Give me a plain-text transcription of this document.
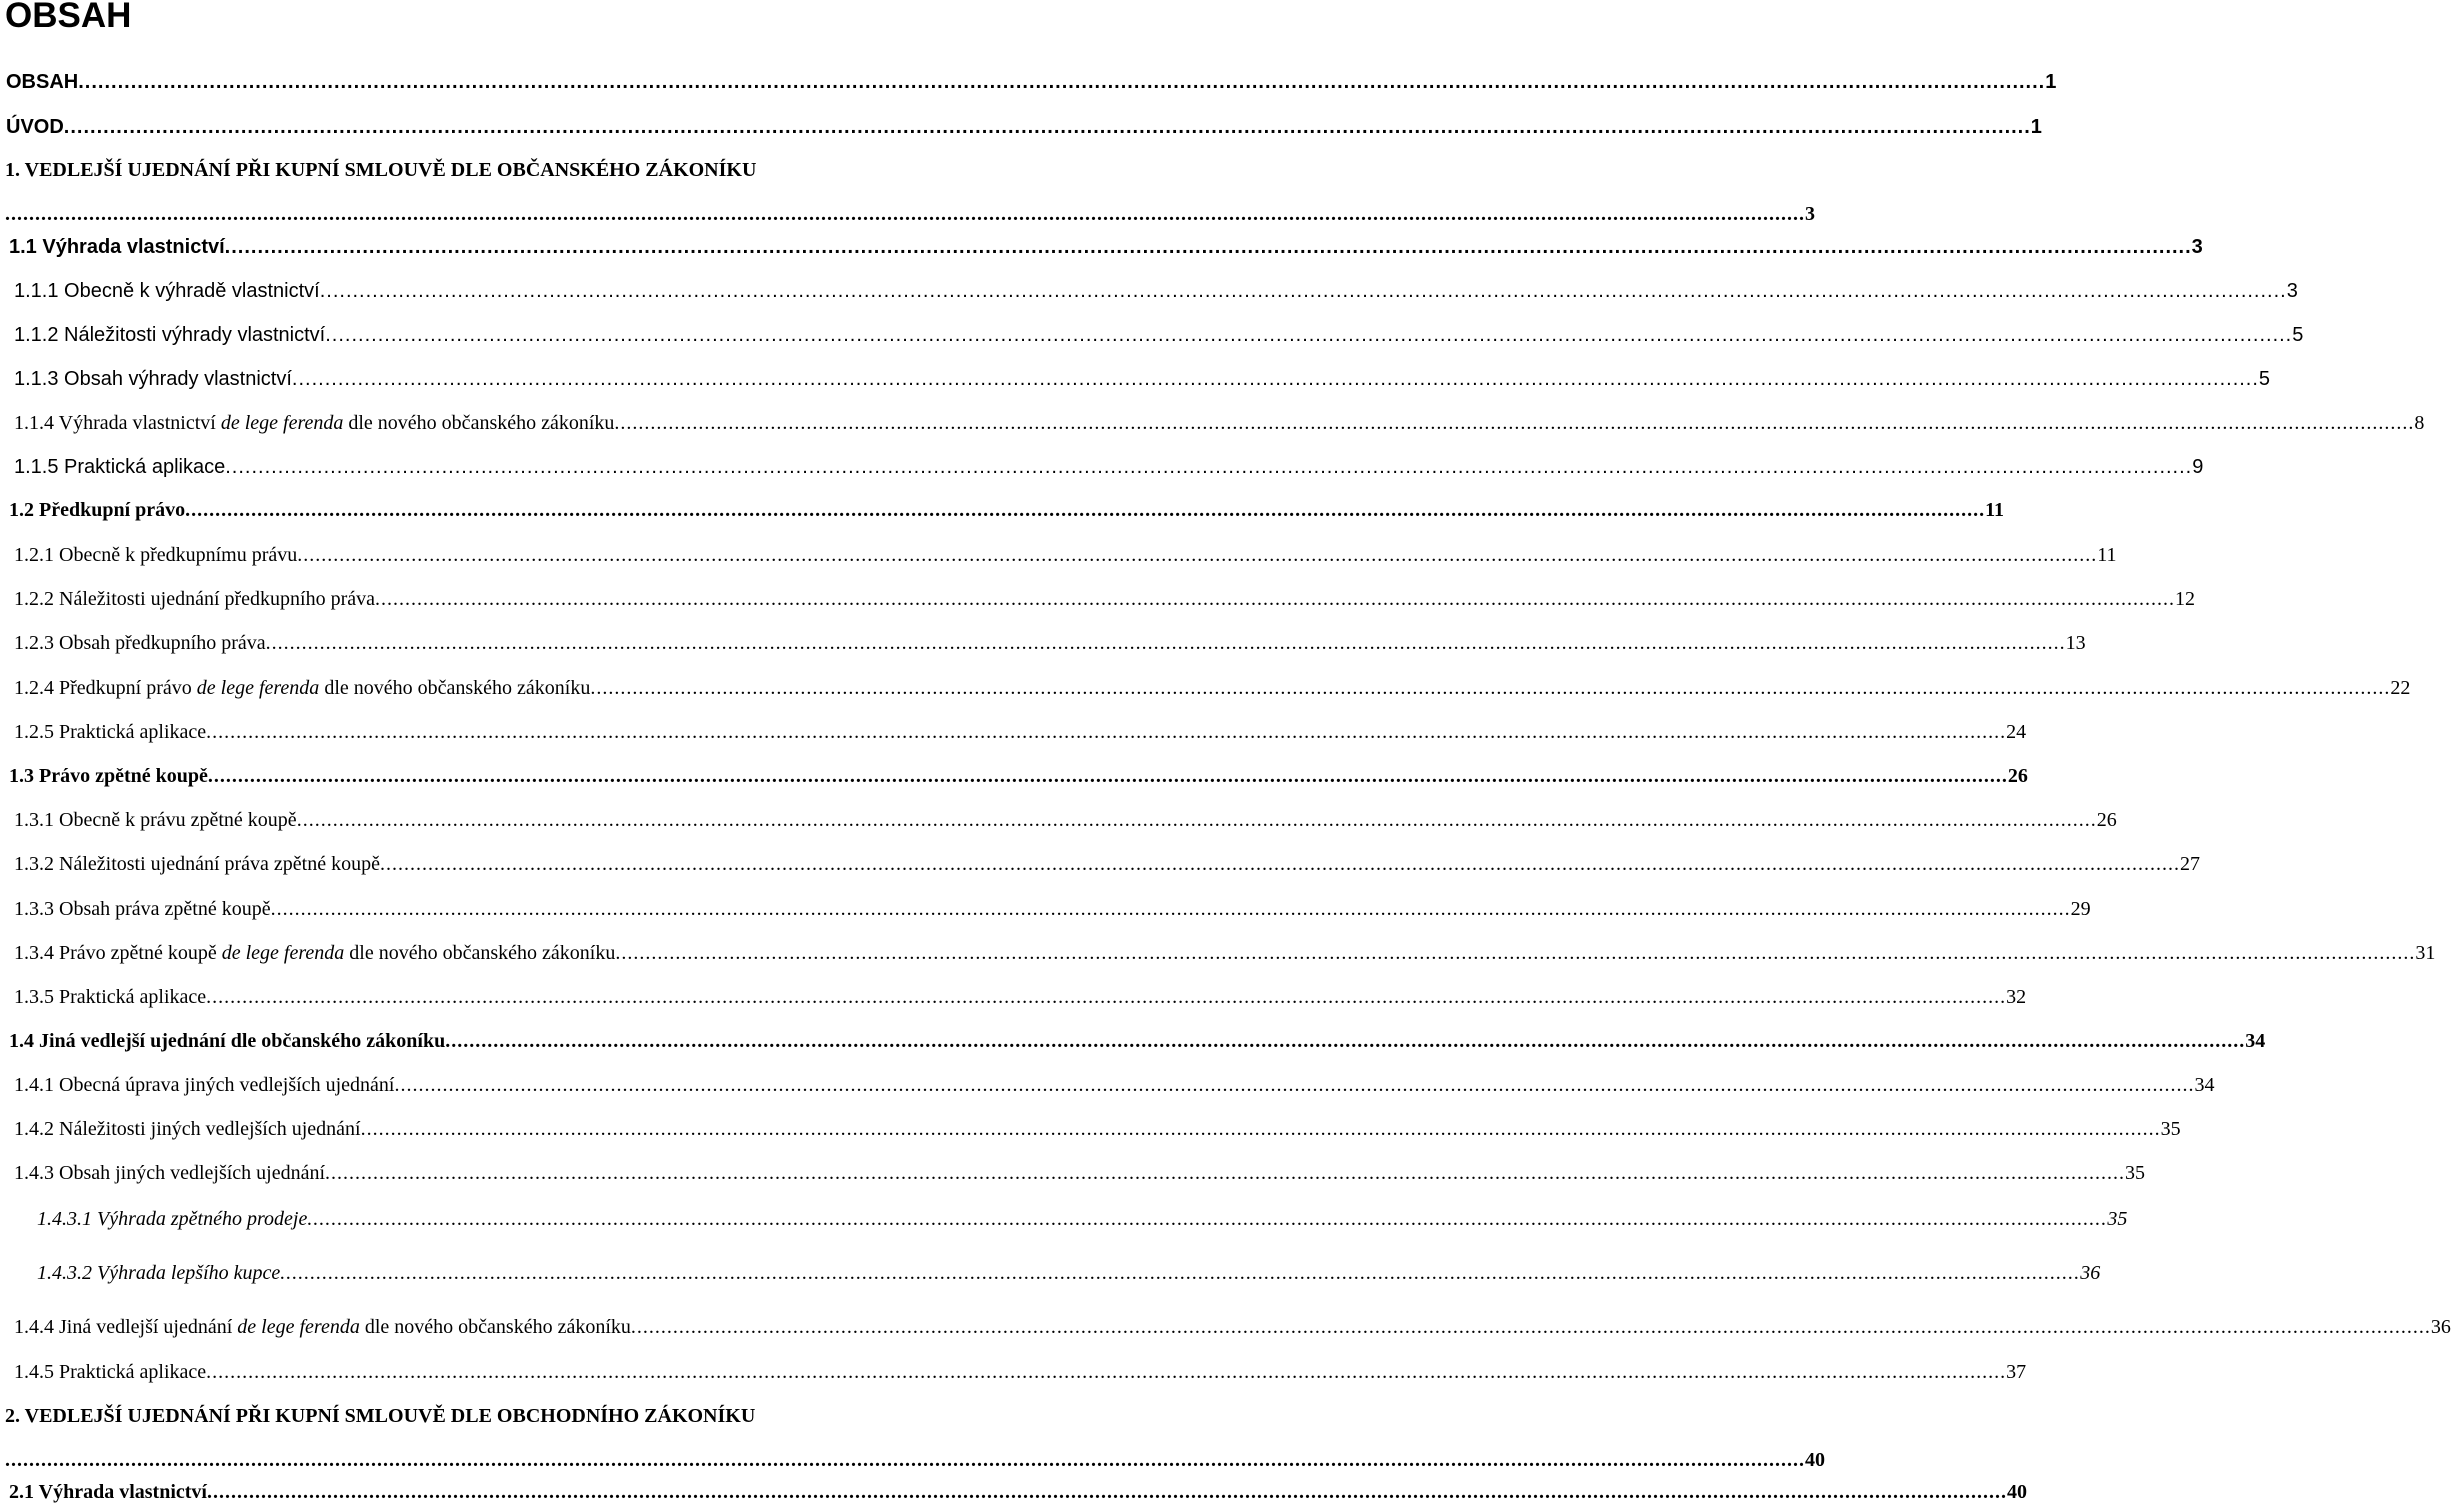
OBSAH
OBSAH ............................................................................................................................................................................................................................................................................................................ 1
ÚVOD ............................................................................................................................................................................................................................................................................................................ 1
1. VEDLEJŠÍ UJEDNÁNÍ PŘI KUPNÍ SMLOUVĚ DLE OBČANSKÉHO ZÁKONÍKU
............................................................................................................................................................................................................................................................................................................ 3
1.1 Výhrada vlastnictví ............................................................................................................................................................................................................................................................................................................ 3
1.1.1 Obecně k výhradě vlastnictví ............................................................................................................................................................................................................................................................................................................ 3
1.1.2 Náležitosti výhrady vlastnictví ............................................................................................................................................................................................................................................................................................................ 5
1.1.3 Obsah výhrady vlastnictví ............................................................................................................................................................................................................................................................................................................ 5
1.1.4 Výhrada vlastnictví de lege ferenda dle nového občanského zákoníku ............................................................................................................................................................................................................................................................................................................ 8
1.1.5 Praktická aplikace ............................................................................................................................................................................................................................................................................................................ 9
1.2 Předkupní právo ............................................................................................................................................................................................................................................................................................................ 11
1.2.1 Obecně k předkupnímu právu ............................................................................................................................................................................................................................................................................................................ 11
1.2.2 Náležitosti ujednání předkupního práva ............................................................................................................................................................................................................................................................................................................ 12
1.2.3 Obsah předkupního práva ............................................................................................................................................................................................................................................................................................................ 13
1.2.4 Předkupní právo de lege ferenda dle nového občanského zákoníku ............................................................................................................................................................................................................................................................................................................ 22
1.2.5 Praktická aplikace ............................................................................................................................................................................................................................................................................................................ 24
1.3 Právo zpětné koupě ............................................................................................................................................................................................................................................................................................................ 26
1.3.1 Obecně k právu zpětné koupě ............................................................................................................................................................................................................................................................................................................ 26
1.3.2 Náležitosti ujednání práva zpětné koupě ............................................................................................................................................................................................................................................................................................................ 27
1.3.3 Obsah práva zpětné koupě ............................................................................................................................................................................................................................................................................................................ 29
1.3.4 Právo zpětné koupě de lege ferenda dle nového občanského zákoníku ............................................................................................................................................................................................................................................................................................................ 31
1.3.5 Praktická aplikace ............................................................................................................................................................................................................................................................................................................ 32
1.4 Jiná vedlejší ujednání dle občanského zákoníku ............................................................................................................................................................................................................................................................................................................ 34
1.4.1 Obecná úprava jiných vedlejších ujednání ............................................................................................................................................................................................................................................................................................................ 34
1.4.2 Náležitosti jiných vedlejších ujednání ............................................................................................................................................................................................................................................................................................................ 35
1.4.3 Obsah jiných vedlejších ujednání ............................................................................................................................................................................................................................................................................................................ 35
1.4.3.1 Výhrada zpětného prodeje ............................................................................................................................................................................................................................................................................................................ 35
1.4.3.2 Výhrada lepšího kupce ............................................................................................................................................................................................................................................................................................................ 36
1.4.4 Jiná vedlejší ujednání de lege ferenda dle nového občanského zákoníku ............................................................................................................................................................................................................................................................................................................ 36
1.4.5 Praktická aplikace ............................................................................................................................................................................................................................................................................................................ 37
2. VEDLEJŠÍ UJEDNÁNÍ PŘI KUPNÍ SMLOUVĚ DLE OBCHODNÍHO ZÁKONÍKU
............................................................................................................................................................................................................................................................................................................ 40
2.1 Výhrada vlastnictví ............................................................................................................................................................................................................................................................................................................ 40
